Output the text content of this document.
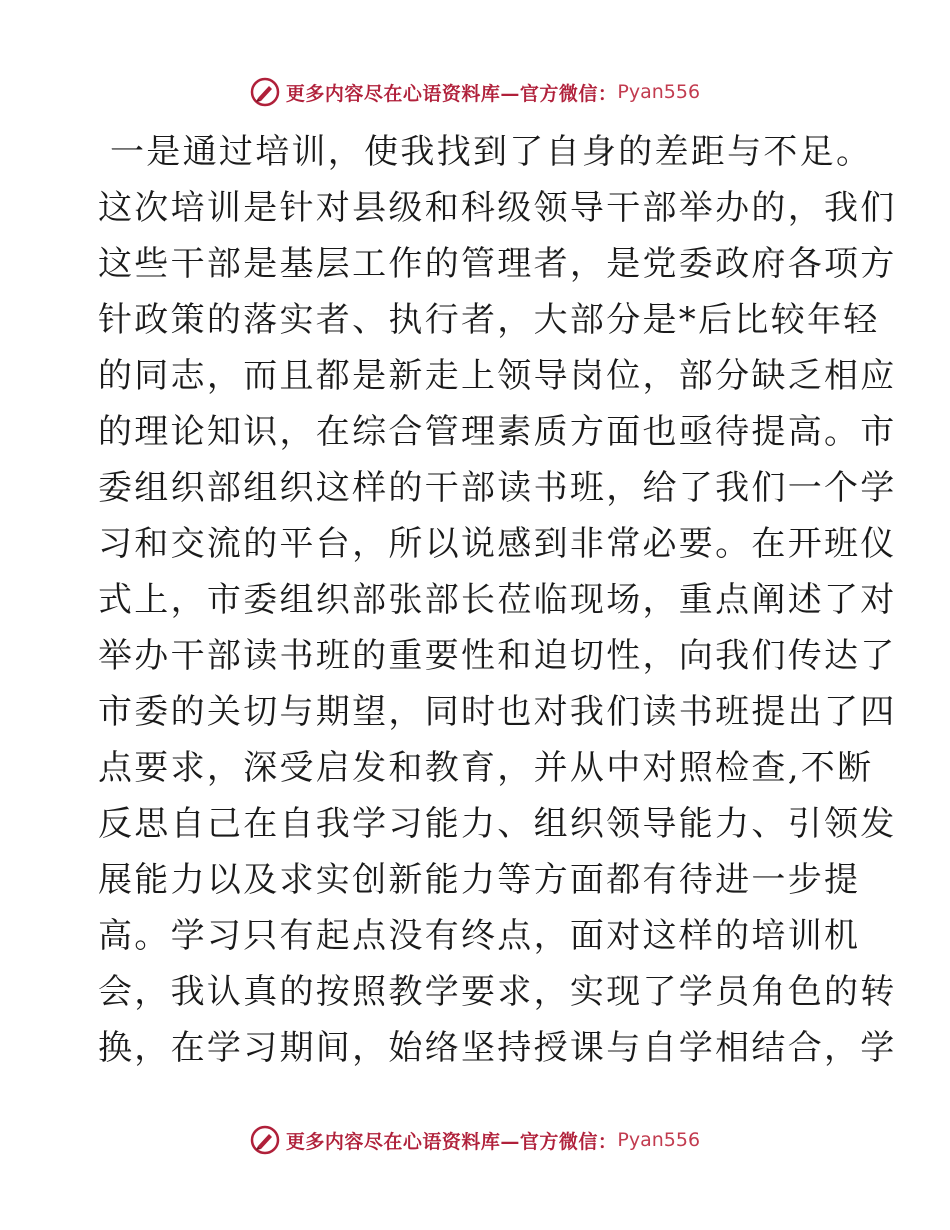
更多内容尽在心语资料库—官方微信： Pyan556
一是通过培训，使我找到了自身的差距与不足。
这次培训是针对县级和科级领导干部举办的，我们
这些干部是基层工作的管理者，是党委政府各项方
针政策的落实者、执行者，大部分是*后比较年轻
的同志，而且都是新走上领导岗位，部分缺乏相应
的理论知识，在综合管理素质方面也亟待提高。市
委组织部组织这样的干部读书班，给了我们一个学
习和交流的平台，所以说感到非常必要。在开班仪
式上，市委组织部张部长莅临现场，重点阐述了对
举办干部读书班的重要性和迫切性，向我们传达了
市委的关切与期望，同时也对我们读书班提出了四
点要求，深受启发和教育，并从中对照检查,不断
反思自己在自我学习能力、组织领导能力、引领发
展能力以及求实创新能力等方面都有待进一步提
高。学习只有起点没有终点，面对这样的培训机
会，我认真的按照教学要求，实现了学员角色的转
换，在学习期间，始络坚持授课与自学相结合，学
更多内容尽在心语资料库—官方微信： Pyan556
